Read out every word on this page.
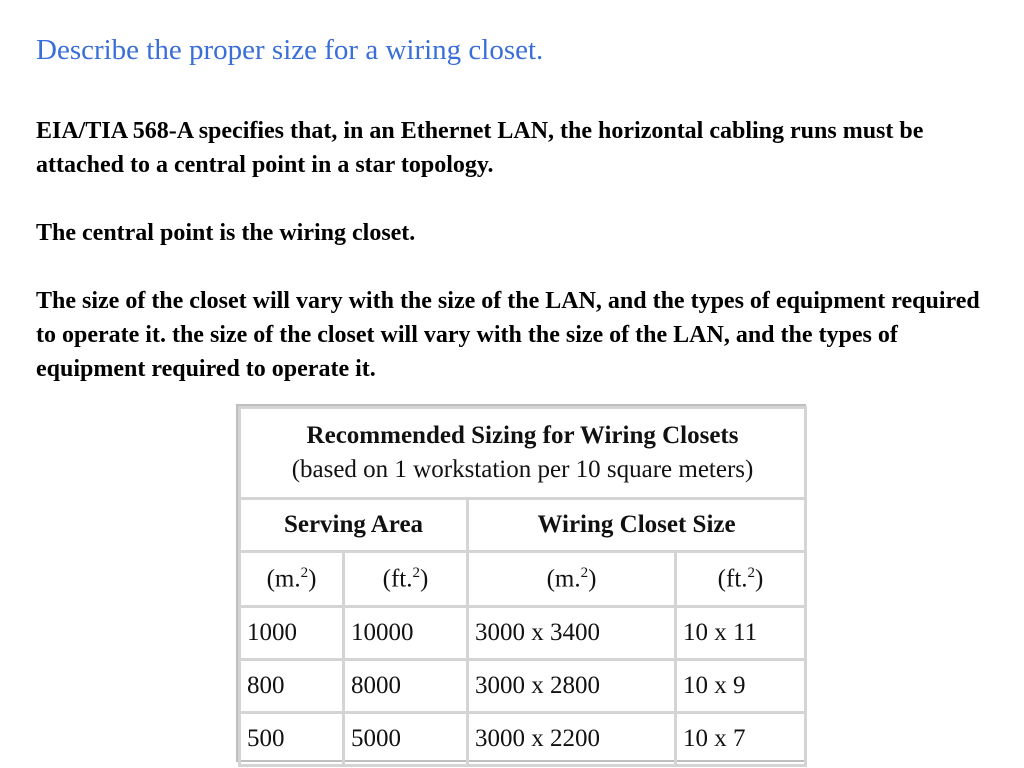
Describe the proper size for a wiring closet.

EIA/TIA 568-A specifies that, in an Ethernet LAN, the horizontal cabling runs must be attached to a central point in a star topology.

The central point is the wiring closet.

The size of the closet will vary with the size of the LAN, and the types of equipment required to operate it. the size of the closet will vary with the size of the LAN, and the types of equipment required to operate it.

Recommended Sizing for Wiring Closets
(based on 1 workstation per 10 square meters)			

Serving Area		Wiring Closet Size	
(m.$^2$)	(ft.$^2$)	(m.$^2$)	(ft.$^2$)
1000	10000	3000 x 3400	10 x 11
800	8000	3000 x 2800	10 x 9
500	5000	3000 x 2200	10 x 7
